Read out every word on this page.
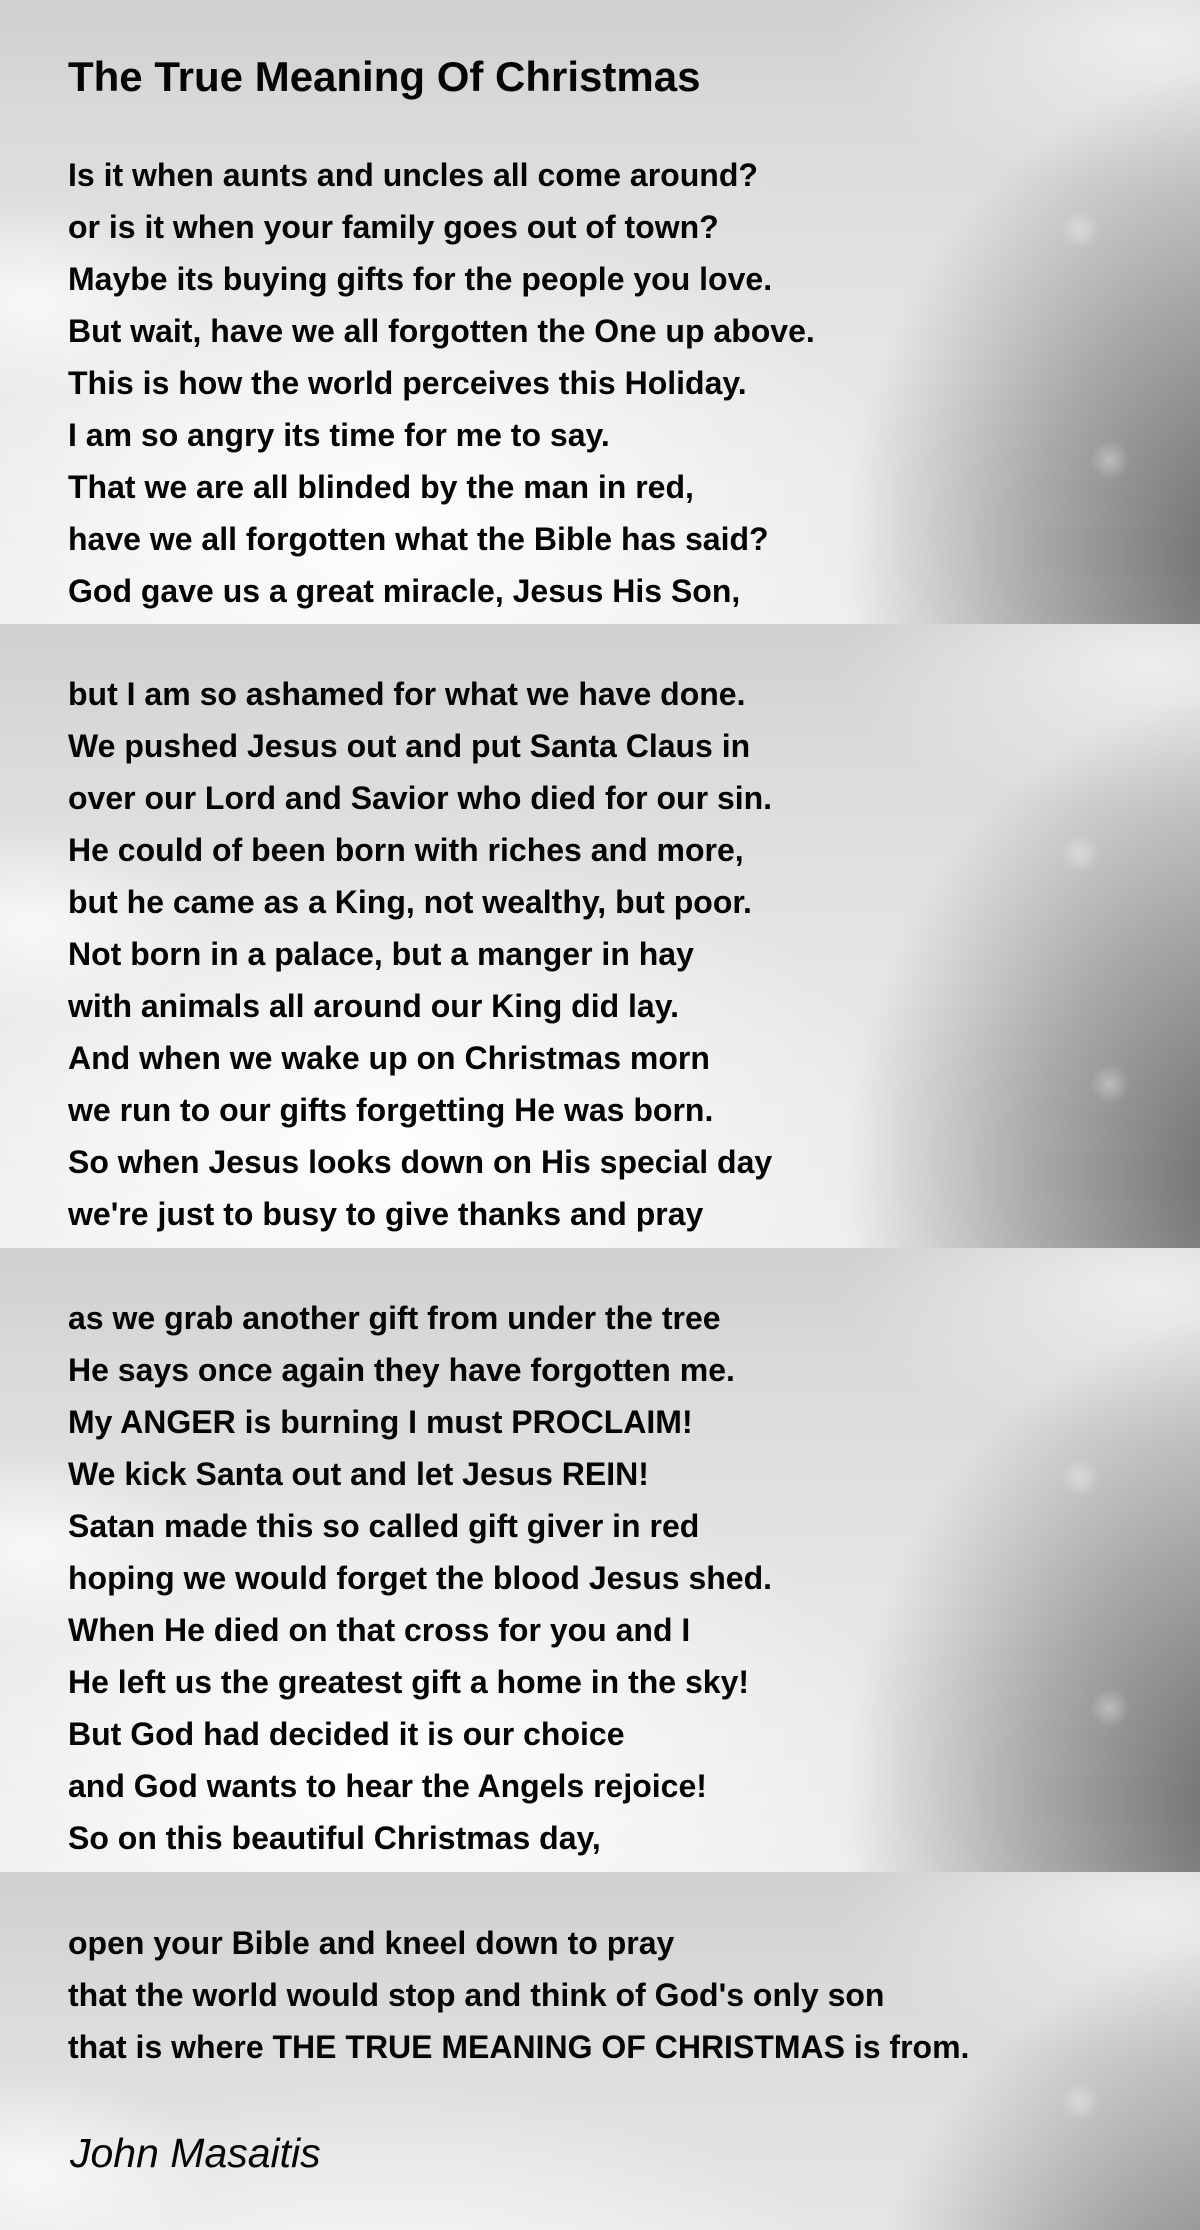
The True Meaning Of Christmas
Is it when aunts and uncles all come around?
or is it when your family goes out of town?
Maybe its buying gifts for the people you love.
But wait, have we all forgotten the One up above.
This is how the world perceives this Holiday.
I am so angry its time for me to say.
That we are all blinded by the man in red,
have we all forgotten what the Bible has said?
God gave us a great miracle, Jesus His Son,
but I am so ashamed for what we have done.
We pushed Jesus out and put Santa Claus in
over our Lord and Savior who died for our sin.
He could of been born with riches and more,
but he came as a King, not wealthy, but poor.
Not born in a palace, but a manger in hay
with animals all around our King did lay.
And when we wake up on Christmas morn
we run to our gifts forgetting He was born.
So when Jesus looks down on His special day
we're just to busy to give thanks and pray
as we grab another gift from under the tree
He says once again they have forgotten me.
My ANGER is burning I must PROCLAIM!
We kick Santa out and let Jesus REIN!
Satan made this so called gift giver in red
hoping we would forget the blood Jesus shed.
When He died on that cross for you and I
He left us the greatest gift a home in the sky!
But God had decided it is our choice
and God wants to hear the Angels rejoice!
So on this beautiful Christmas day,
open your Bible and kneel down to pray
that the world would stop and think of God's only son
that is where THE TRUE MEANING OF CHRISTMAS is from.
John Masaitis
